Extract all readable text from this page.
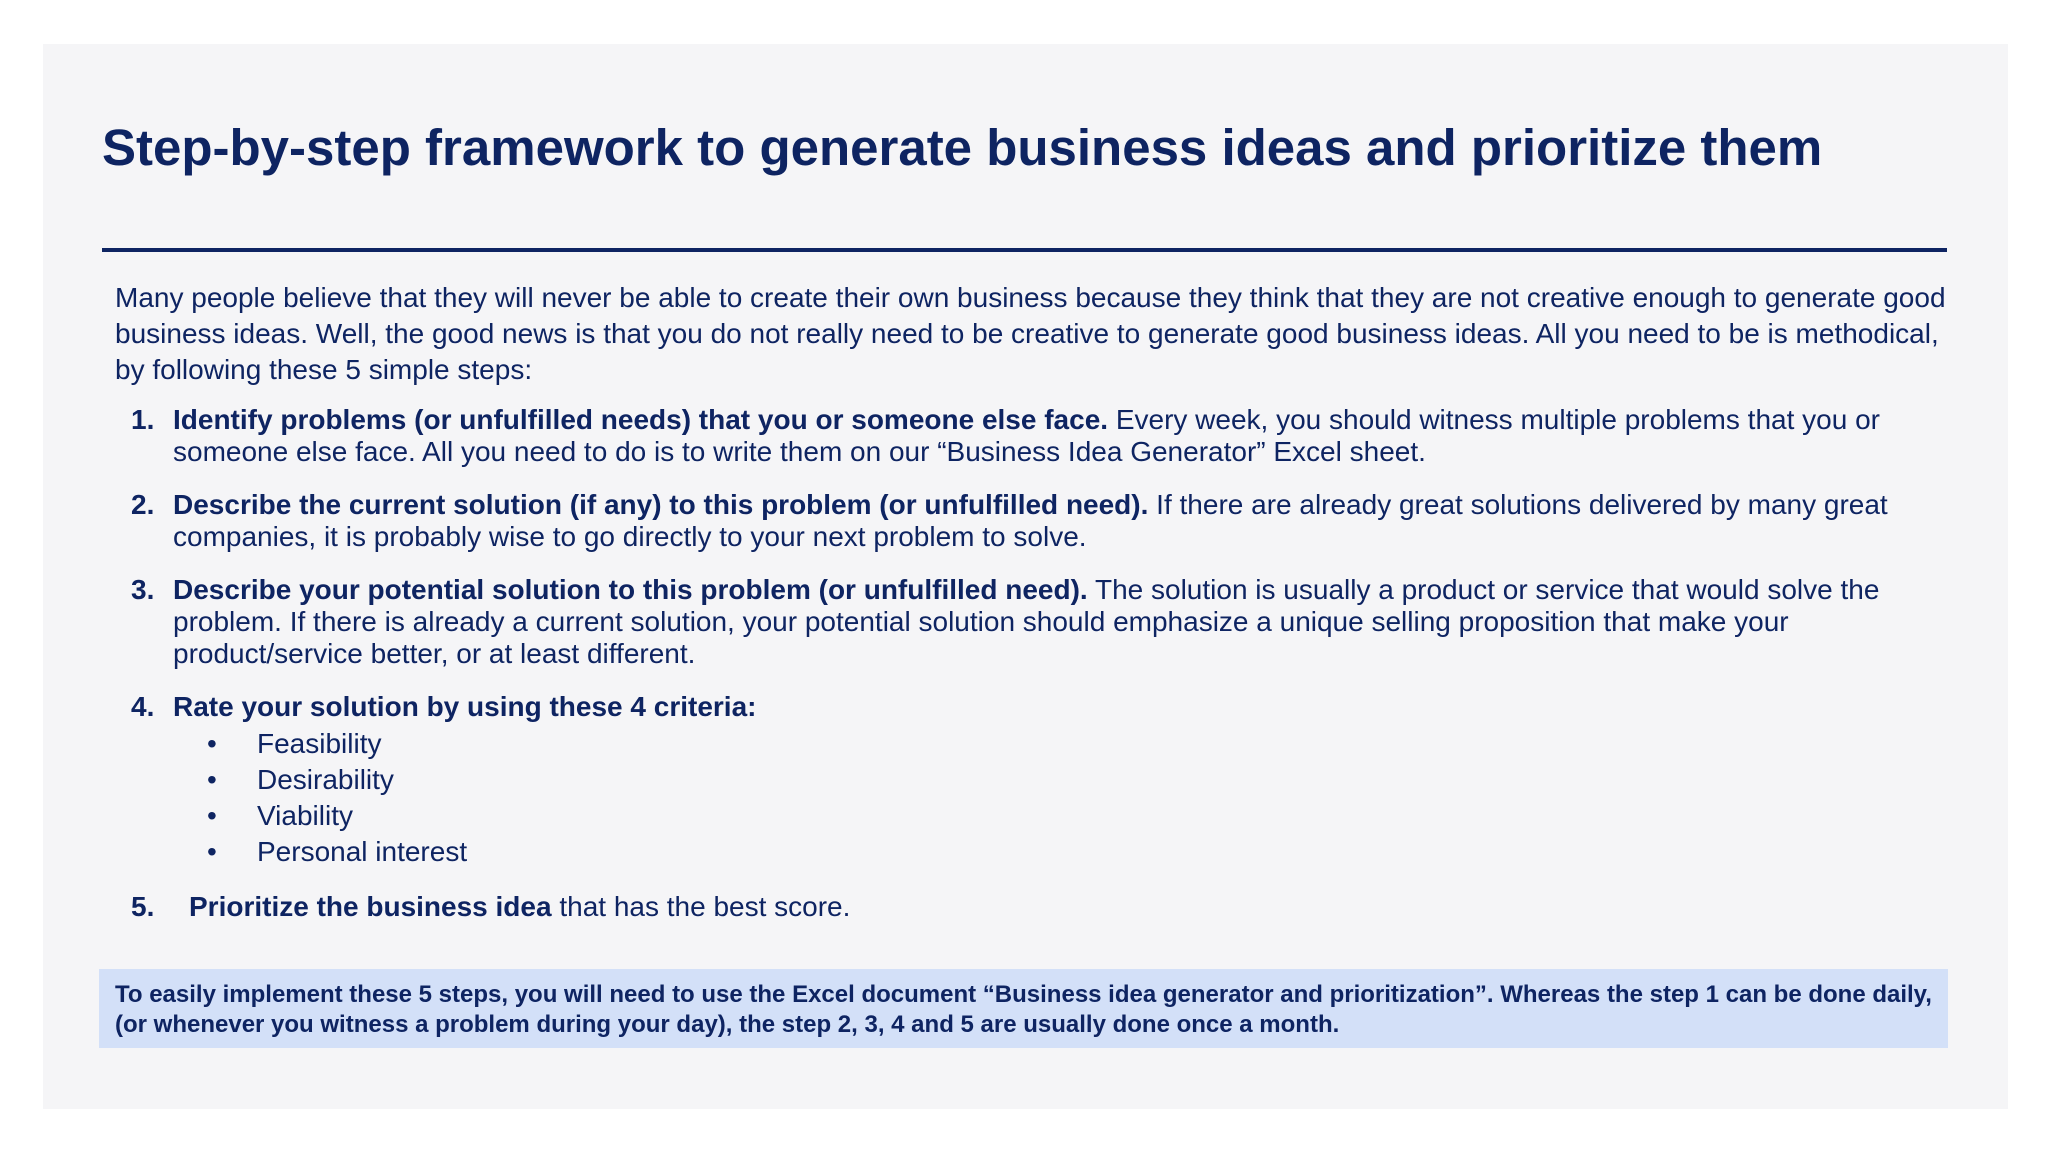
Step-by-step framework to generate business ideas and prioritize them

Many people believe that they will never be able to create their own business because they think that they are not creative enough to generate good business ideas. Well, the good news is that you do not really need to be creative to generate good business ideas. All you need to be is methodical, by following these 5 simple steps:

1. Identify problems (or unfulfilled needs) that you or someone else face. Every week, you should witness multiple problems that you or someone else face. All you need to do is to write them on our “Business Idea Generator” Excel sheet.
2. Describe the current solution (if any) to this problem (or unfulfilled need). If there are already great solutions delivered by many great companies, it is probably wise to go directly to your next problem to solve.
3. Describe your potential solution to this problem (or unfulfilled need). The solution is usually a product or service that would solve the problem. If there is already a current solution, your potential solution should emphasize a unique selling proposition that make your product/service better, or at least different.
4. Rate your solution by using these 4 criteria:
• Feasibility
• Desirability
• Viability
• Personal interest
5. Prioritize the business idea that has the best score.
To easily implement these 5 steps, you will need to use the Excel document “Business idea generator and prioritization”. Whereas the step 1 can be done daily, (or whenever you witness a problem during your day), the step 2, 3, 4 and 5 are usually done once a month.
